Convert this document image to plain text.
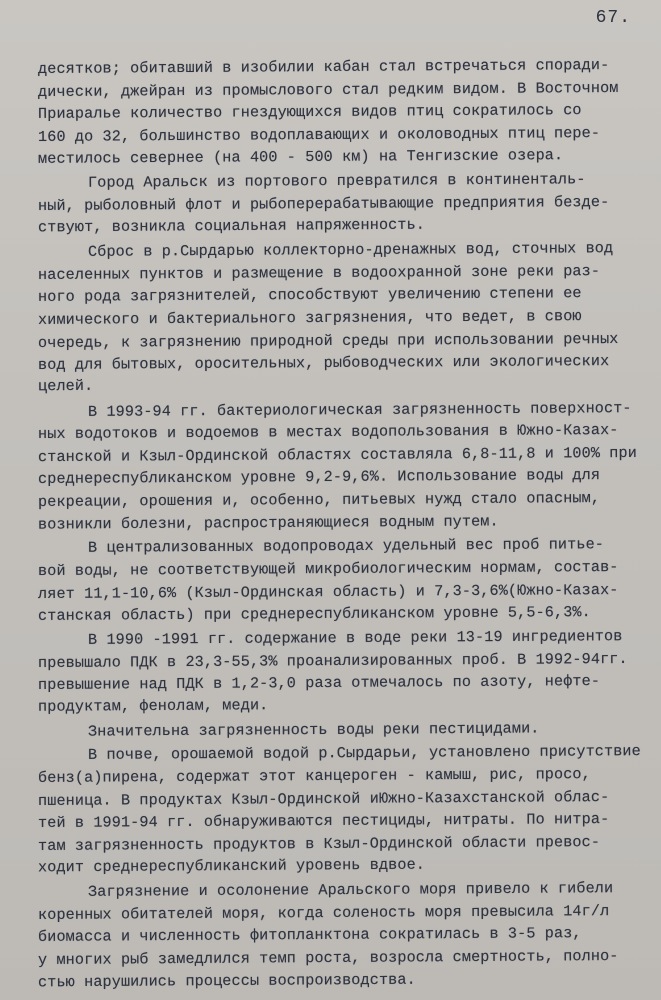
67.

десятков; обитавший в изобилии кабан стал встречаться споради-

дически, джейран из промыслового стал редким видом. В Восточном

Приаралье количество гнездующихся видов птиц сократилось со

160 до 32, большинство водоплавающих и околоводных птиц пере-

местилось севернее (на 400 - 500 км) на Тенгизские озера.

Город Аральск из портового превратился в континенталь-

ный, рыболовный флот и рыбоперерабатывающие предприятия безде-

ствуют, возникла социальная напряженность.

Сброс в р.Сырдарью коллекторно-дренажных вод, сточных вод

населенных пунктов и размещение в водоохранной зоне реки раз-

ного рода загрязнителей, способствуют увеличению степени ее

химического и бактериального загрязнения, что ведет, в свою

очередь, к загрязнению природной среды при использовании речных

вод для бытовых, оросительных, рыбоводческих или экологических

целей.

В 1993-94 гг. бактериологическая загрязненность поверхност-

ных водотоков и водоемов в местах водопользования в Южно-Казах-

станской и Кзыл-Ординской областях составляла 6,8-11,8 и 100% при

среднереспубликанском уровне 9,2-9,6%. Использование воды для

рекреации, орошения и, особенно, питьевых нужд стало опасным,

возникли болезни, распространяющиеся водным путем.

В централизованных водопроводах удельный вес проб питье-

вой воды, не соответствующей микробиологическим нормам, состав-

ляет 11,1-10,6% (Кзыл-Ординская область) и 7,3-3,6%(Южно-Казах-

станская область) при среднереспубликанском уровне 5,5-6,3%.

В 1990 -1991 гг. содержание в воде реки 13-19 ингредиентов

превышало ПДК в 23,3-55,3% проанализированных проб. В 1992-94гг.

превышение над ПДК в 1,2-3,0 раза отмечалось по азоту, нефте-

продуктам, фенолам, меди.

Значительна загрязненность воды реки пестицидами.

В почве, орошаемой водой р.Сырдарьи, установлено присутствие

бенз(а)пирена, содержат этот канцероген - камыш, рис, просо,

пшеница. В продуктах Кзыл-Ординской иЮжно-Казахстанской облас-

тей в 1991-94 гг. обнаруживаются пестициды, нитраты. По нитра-

там загрязненность продуктов в Кзыл-Ординской области превос-

ходит среднереспубликанский уровень вдвое.

Загрязнение и осолонение Аральского моря привело к гибели

коренных обитателей моря, когда соленость моря превысила 14г/л

биомасса и численность фитопланктона сократилась в 3-5 раз,

у многих рыб замедлился темп роста, возросла смертность, полно-

стью нарушились процессы воспроизводства.
